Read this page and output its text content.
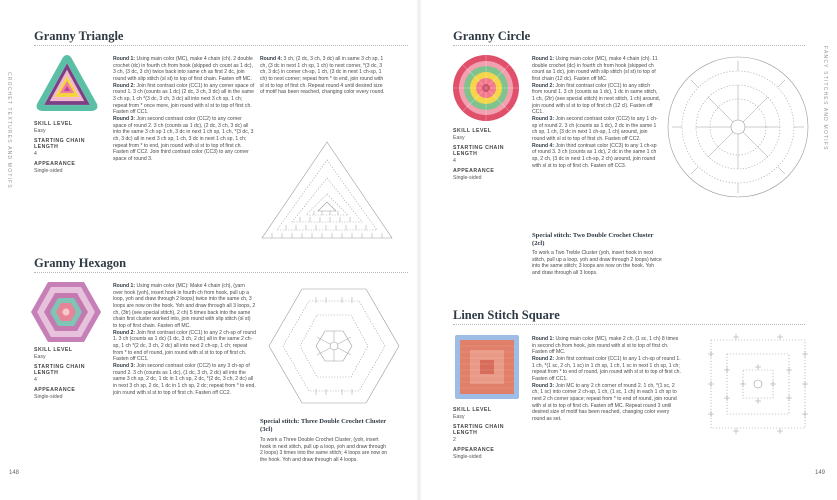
CROCHET TEXTURES AND MOTIFS	FANCY STITCHES AND MOTIFS
Granny Triangle
SKILL LEVEL
Easy
STARTING CHAIN LENGTH
4
APPEARANCE
Single-sided

Round 1: Using main color (MC), make 4 chain (ch). 2 double crochet (dc) in fourth ch from hook (skipped ch count as 1 dc), 3 ch, (3 dc, 3 ch) twice back into same ch as first 2 dc, join round with slip stitch (sl st) to top of first chain. Fasten off MC.

Round 2: Join first contrast color (CC1) to any corner space of round 1. 3 ch (counts as 1 dc) (2 dc, 3 ch, 3 dc) all in the same 3 ch sp, 1 ch *(3 dc, 3 ch, 3 dc) all into next 3 ch sp, 1 ch; repeat from * once more, join round with sl st to top of first ch. Fasten off CC1.

Round 3: Join second contrast color (CC2) to any corner space of round 2. 3 ch (counts as 1 dc), (2 dc, 3 ch, 3 dc) all into the same 3 ch sp 1 ch, 3 dc in next 1 ch sp, 1 ch, *(3 dc, 3 ch, 3 dc) all in next 3 ch sp, 1 ch, 3 dc in next 1 ch sp, 1 ch; repeat from * to end, join round with sl st to top of first ch. Fasten off CC2. Join third contrast color (CC3) to any corner space of round 3.

Round 4: 3 ch, (2 dc, 3 ch, 3 dc) all in same 3 ch sp, 1 ch, (3 dc in next 1 ch sp, 1 ch) to next corner, *(3 dc, 3 ch, 3 dc) in corner ch-sp, 1 ch, (3 dc in next 1 ch-sp, 1 ch) to next corner; repeat from * to end, join round with sl st to top of first ch. Repeat round 4 until desired size of motif has been reached, changing color every round.

Granny Hexagon
SKILL LEVEL
Easy
STARTING CHAIN LENGTH
4
APPEARANCE
Single-sided

Round 1: Using main color (MC): Make 4 chain (ch), (yarn over hook (yoh), insert hook in fourth ch from hook, pull up a loop, yoh and draw through 2 loops) twice into the same ch, 3 loops are now on the hook. Yoh and draw through all 3 loops, 2 ch, (3tr) (see special stitch), 2 ch) 5 times back into the same chain first cluster worked into, join round with slip stitch (sl st) to top of first chain. Fasten off MC.

Round 2: Join first contrast color (CC1) to any 2 ch-sp of round 1. 3 ch (counts as 1 dc) (1 dc, 3 ch, 2 dc) all in the same 2 ch-sp, 1 ch *(2 dc, 3 ch, 2 dc) all into next 2 ch-sp, 1 ch; repeat from * to end of round, join round with sl st to top of first ch. Fasten off CC1.

Round 3: Join second contrast color (CC2) to any 3 ch-sp of round 2. 3 ch (counts as 1 dc), (1 dc, 3 ch, 2 dc) all into the same 3 ch sp, 2 dc, 1 dc in 1 ch sp, 2 dc, *(2 dc, 3 ch, 2 dc) all in next 3 ch sp, 2 dc, 1 dc in 1 ch sp, 2 dc; repeat from * to end, join round with sl st to top of first ch. Fasten off CC2.

Special stitch: Three Double Crochet Cluster (3cl)
To work a Three Double Crochet Cluster, (yoh, insert hook in next stitch, pull up a loop, yoh and draw through 2 loops) 3 times into the same stitch; 4 loops are now on the hook. Yoh and draw through all 4 loops.
148
Granny Circle
SKILL LEVEL
Easy
STARTING CHAIN LENGTH
4
APPEARANCE
Single-sided

Round 1: Using main color (MC), make 4 chain (ch). 11 double crochet (dc) in fourth ch from hook (skipped ch count as 1 dc), join round with slip stitch (sl st) to top of first chain (12 dc). Fasten off MC.

Round 2: Join first contrast color (CC1) to any stitch from round 1. 3 ch (counts as 1 dc), 1 dc in same stitch, 1 ch, (2tr) (see special stitch) in next stitch, 1 ch) around, join round with sl st to top of first ch (12 cl). Fasten off CC1.

Round 3: Join second contrast color (CC2) to any 1 ch-sp of round 2. 3 ch (counts as 1 dc), 2 dc in the same 1 ch sp, 1 ch, (3 dc in next 1 ch-sp, 1 ch) around, join round with sl st to top of first ch. Fasten off CC2.

Round 4: Join third contrast color (CC3) to any 1 ch-sp of round 3. 3 ch (counts as 1 dc), 2 dc in the same 1 ch sp, 2 ch, (3 dc in next 1 ch-sp, 2 ch) around, join round with sl st to top of first ch. Fasten off CC3.

Special stitch: Two Double Crochet Cluster (2cl)
To work a Two Treble Cluster (yoh, insert hook in next stitch, pull up a loop, yoh and draw through 2 loops) twice into the same stitch; 3 loops are now on the hook. Yoh and draw through all 3 loops.
Linen Stitch Square
SKILL LEVEL
Easy
STARTING CHAIN LENGTH
2
APPEARANCE
Single-sided

Round 1: Using main color (MC), make 2 ch, (1 sc, 1 ch) 8 times in second ch from hook, join round with sl st to top of first ch. Fasten off MC.

Round 2: Join first contrast color (CC1) to any 1 ch-sp of round 1. 1 ch, *(1 sc, 2 ch, 1 sc) in 1 ch sp, 1 ch, 1 sc in next 1 ch sp, 1 ch; repeat from * to end of round, join round with sl st to top of first ch. Fasten off CC1.

Round 3: Join MC to any 2 ch corner of round 2. 1 ch, *(1 sc, 2 ch, 1 sc) into corner 2 ch-sp, 1 ch, (1 sc, 1 ch) in each 1 ch sp to next 2 ch corner space; repeat from * to end of round, join round with sl st to top of first ch. Fasten off MC. Repeat round 3 until desired size of motif has been reached, changing color every round as set.

149
